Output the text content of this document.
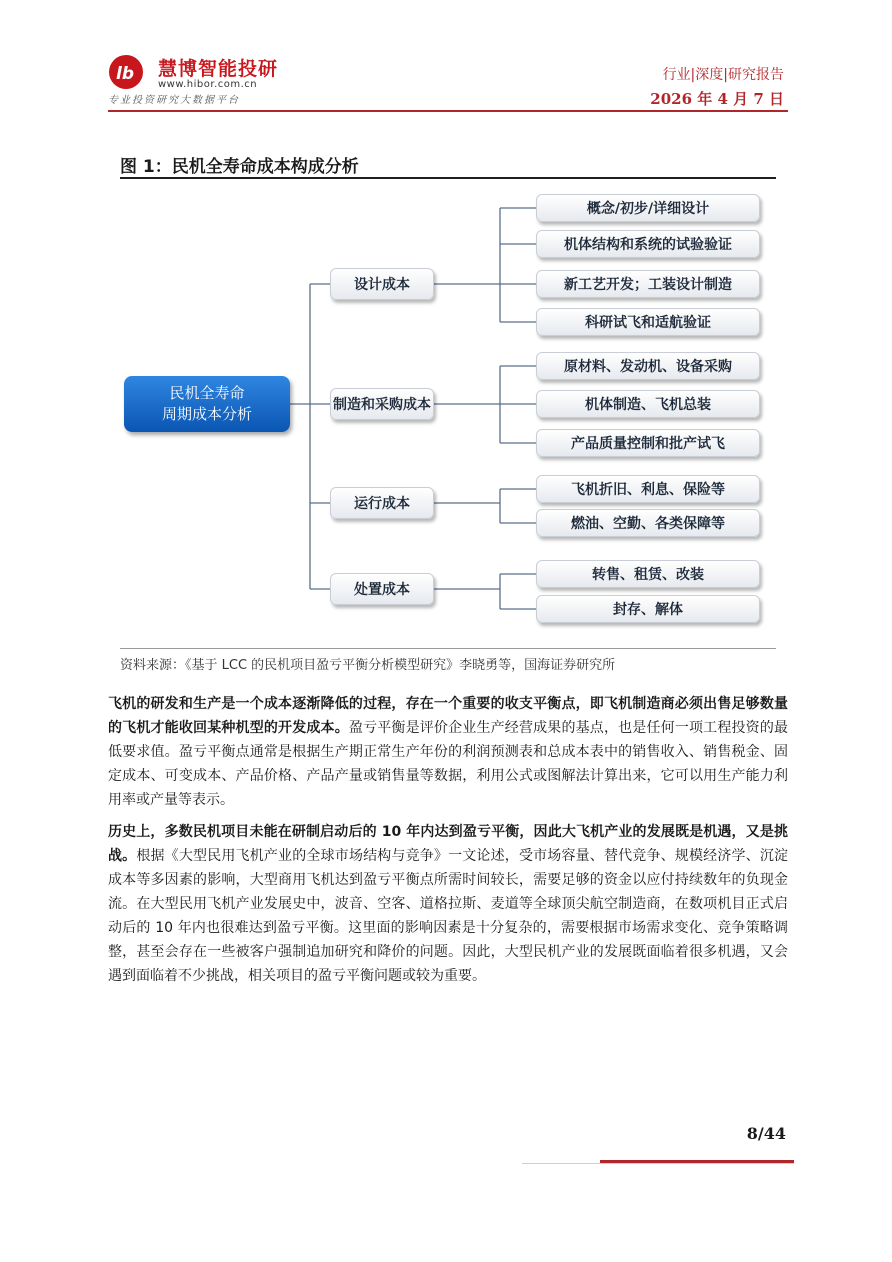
lb 慧博智能投研
www.hibor.com.cn
专业投资研究大数据平台
行业|深度|研究报告
2026 年 4 月 7 日
图 1：民机全寿命成本构成分析
民机全寿命
周期成本分析
设计成本
制造和采购成本
运行成本
处置成本
概念/初步/详细设计
机体结构和系统的试验验证
新工艺开发；工装设计制造
科研试飞和适航验证
原材料、发动机、设备采购
机体制造、飞机总装
产品质量控制和批产试飞
飞机折旧、利息、保险等
燃油、空勤、各类保障等
转售、租赁、改装
封存、解体
资料来源：《基于 LCC 的民机项目盈亏平衡分析模型研究》李晓勇等，国海证券研究所
飞机的研发和生产是一个成本逐渐降低的过程，存在一个重要的收支平衡点，即飞机制造商必须出售足够数量的飞机才能收回某种机型的开发成本。盈亏平衡是评价企业生产经营成果的基点，也是任何一项工程投资的最低要求值。盈亏平衡点通常是根据生产期正常生产年份的利润预测表和总成本表中的销售收入、销售税金、固定成本、可变成本、产品价格、产品产量或销售量等数据，利用公式或图解法计算出来，它可以用生产能力利用率或产量等表示。
历史上，多数民机项目未能在研制启动后的 10 年内达到盈亏平衡，因此大飞机产业的发展既是机遇，又是挑战。根据《大型民用飞机产业的全球市场结构与竞争》一文论述，受市场容量、替代竞争、规模经济学、沉淀成本等多因素的影响，大型商用飞机达到盈亏平衡点所需时间较长，需要足够的资金以应付持续数年的负现金流。在大型民用飞机产业发展史中，波音、空客、道格拉斯、麦道等全球顶尖航空制造商，在数项机目正式启动后的 10 年内也很难达到盈亏平衡。这里面的影响因素是十分复杂的，需要根据市场需求变化、竞争策略调整，甚至会存在一些被客户强制追加研究和降价的问题。因此，大型民机产业的发展既面临着很多机遇，又会遇到面临着不少挑战，相关项目的盈亏平衡问题或较为重要。
8/44
